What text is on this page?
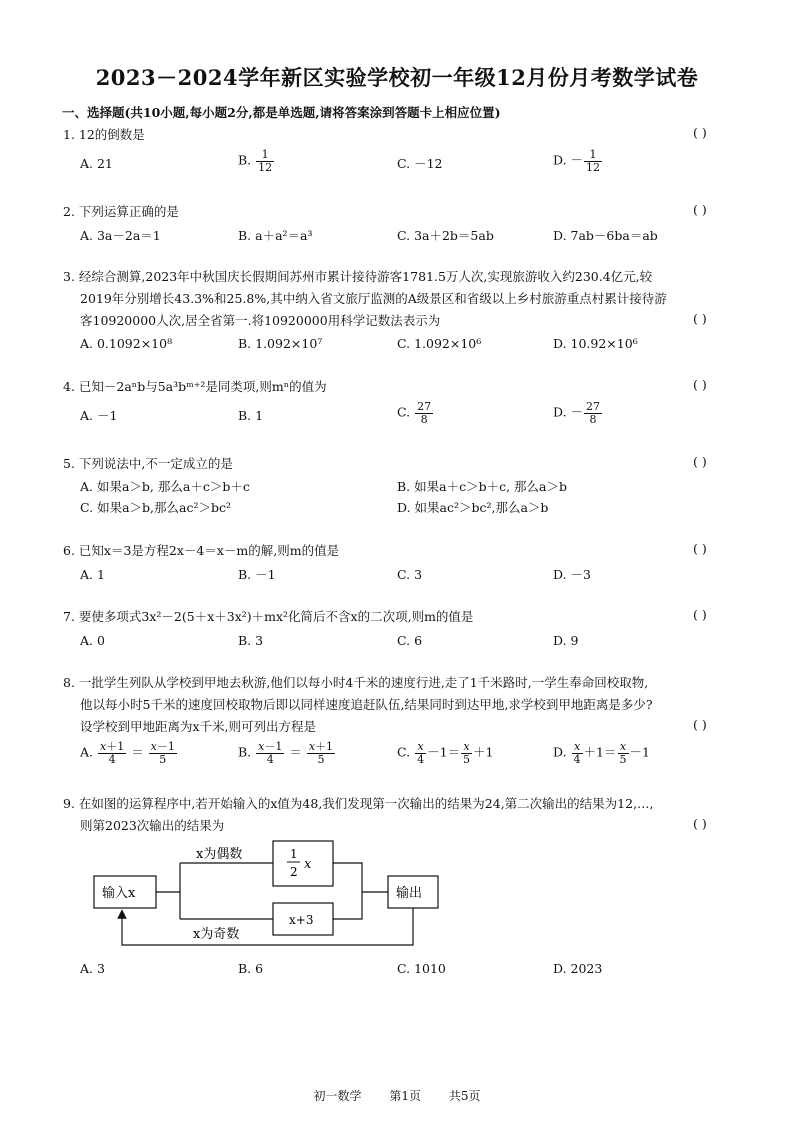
2023－2024学年新区实验学校初一年级12月份月考数学试卷
一、选择题(共10小题,每小题2分,都是单选题,请将答案涂到答题卡上相应位置)
1. 12的倒数是	( )
A. 21	B. $\frac{1}{12}$	C. －12	D. － $\frac{1}{12}$
2. 下列运算正确的是	( )
A. 3a－2a＝1	B. a＋a²＝a³	C. 3a＋2b＝5ab	D. 7ab－6ba＝ab
3. 经综合测算,2023年中秋国庆长假期间苏州市累计接待游客1781.5万人次,实现旅游收入约230.4亿元,较
2019年分别增长43.3%和25.8%,其中纳入省文旅厅监测的A级景区和省级以上乡村旅游重点村累计接待游
客10920000人次,居全省第一.将10920000用科学记数法表示为	( )
A. 0.1092×10⁸	B. 1.092×10⁷	C. 1.092×10⁶	D. 10.92×10⁶
4. 已知－2aⁿb与5a³bᵐ⁺²是同类项,则mⁿ的值为	( )
A. －1	B. 1	C. $\frac{27}{8}$	D. － $\frac{27}{8}$
5. 下列说法中,不一定成立的是	( )
A. 如果a＞b, 那么a＋c＞b＋c	B. 如果a＋c＞b＋c, 那么a＞b
C. 如果a＞b,那么ac²＞bc²	D. 如果ac²＞bc²,那么a＞b
6. 已知x＝3是方程2x－4＝x－m的解,则m的值是	( )
A. 1	B. －1	C. 3	D. －3
7. 要使多项式3x²－2(5＋x＋3x²)＋mx²化简后不含x的二次项,则m的值是	( )
A. 0	B. 3	C. 6	D. 9
8. 一批学生列队从学校到甲地去秋游,他们以每小时4千米的速度行进,走了1千米路时,一学生奉命回校取物,
他以每小时5千米的速度回校取物后即以同样速度追赶队伍,结果同时到达甲地,求学校到甲地距离是多少?
设学校到甲地距离为x千米,则可列出方程是	( )
A. $\frac{x+1}{4} = \frac{x-1}{5}$	B. $\frac{x-1}{4} = \frac{x+1}{5}$	C. $\frac{x}{4} -1= \frac{x}{5} +1$	D. $\frac{x}{4} +1= \frac{x}{5} -1$
9. 在如图的运算程序中,若开始输入的x值为48,我们发现第一次输出的结果为24,第二次输出的结果为12,…,
则第2023次输出的结果为	( )
输入x	输出
x为偶数
x为奇数
1
2 x
x+3
A. 3	B. 6	C. 1010	D. 2023
初一数学 第1页 共5页
